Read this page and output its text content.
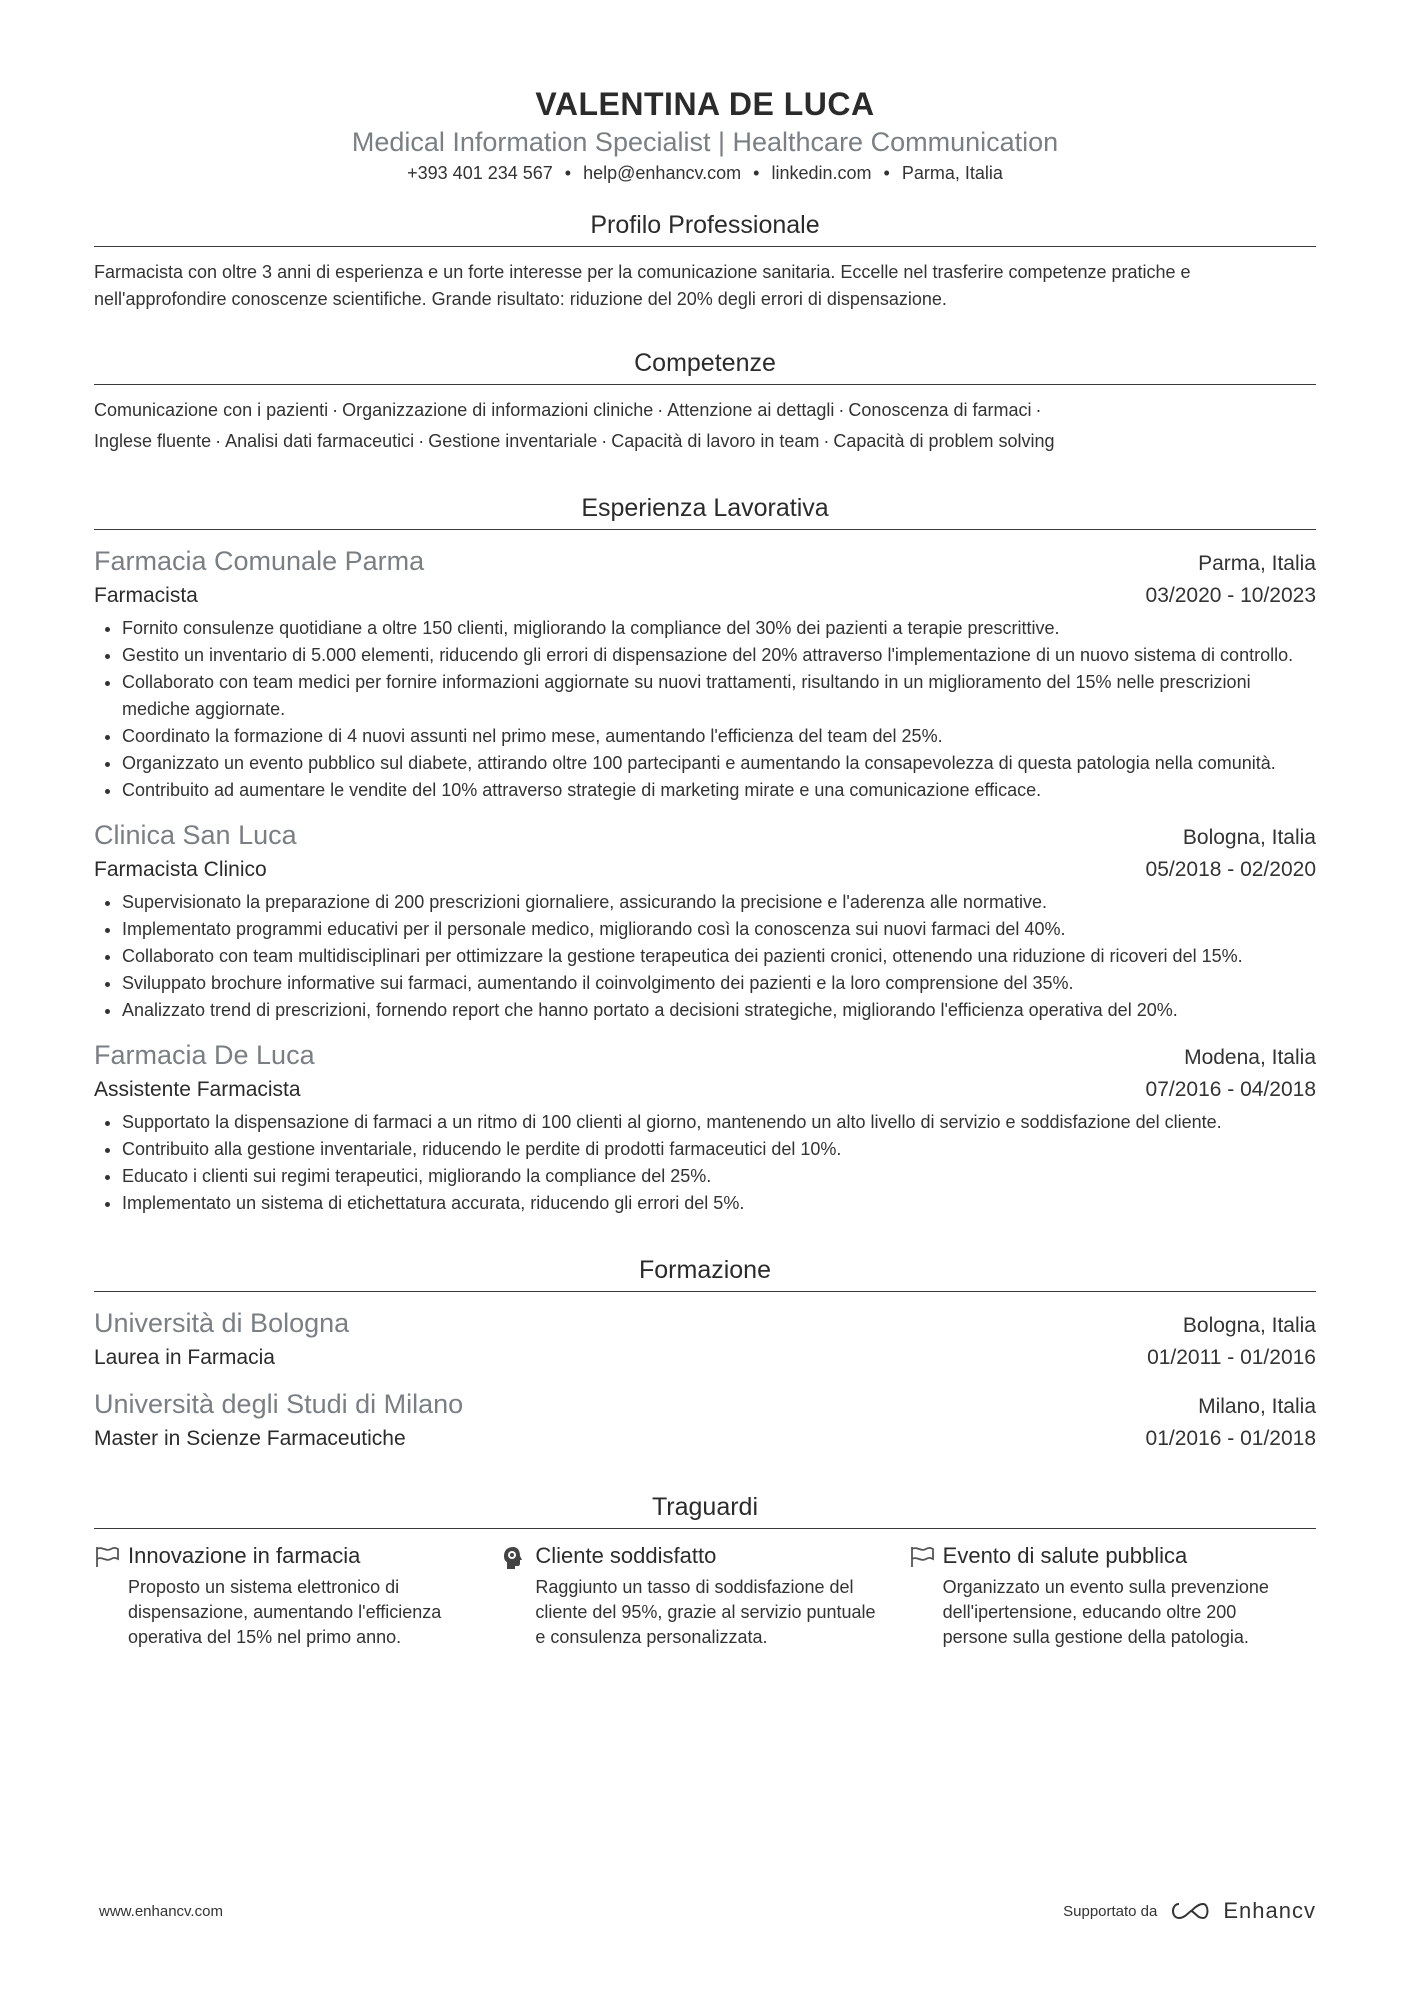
VALENTINA DE LUCA
Medical Information Specialist | Healthcare Communication
+393 401 234 567 • help@enhancv.com • linkedin.com • Parma, Italia
Profilo Professionale
Farmacista con oltre 3 anni di esperienza e un forte interesse per la comunicazione sanitaria. Eccelle nel trasferire competenze pratiche e nell'approfondire conoscenze scientifiche. Grande risultato: riduzione del 20% degli errori di dispensazione.
Competenze
Comunicazione con i pazienti · Organizzazione di informazioni cliniche · Attenzione ai dettagli · Conoscenza di farmaci ·
Inglese fluente · Analisi dati farmaceutici · Gestione inventariale · Capacità di lavoro in team · Capacità di problem solving
Esperienza Lavorativa
Farmacia Comunale Parma	Parma, Italia
Farmacista	03/2020 - 10/2023
• Fornito consulenze quotidiane a oltre 150 clienti, migliorando la compliance del 30% dei pazienti a terapie prescrittive.
• Gestito un inventario di 5.000 elementi, riducendo gli errori di dispensazione del 20% attraverso l'implementazione di un nuovo sistema di controllo.
• Collaborato con team medici per fornire informazioni aggiornate su nuovi trattamenti, risultando in un miglioramento del 15% nelle prescrizioni mediche aggiornate.
• Coordinato la formazione di 4 nuovi assunti nel primo mese, aumentando l'efficienza del team del 25%.
• Organizzato un evento pubblico sul diabete, attirando oltre 100 partecipanti e aumentando la consapevolezza di questa patologia nella comunità.
• Contribuito ad aumentare le vendite del 10% attraverso strategie di marketing mirate e una comunicazione efficace.
Clinica San Luca	Bologna, Italia
Farmacista Clinico	05/2018 - 02/2020
• Supervisionato la preparazione di 200 prescrizioni giornaliere, assicurando la precisione e l'aderenza alle normative.
• Implementato programmi educativi per il personale medico, migliorando così la conoscenza sui nuovi farmaci del 40%.
• Collaborato con team multidisciplinari per ottimizzare la gestione terapeutica dei pazienti cronici, ottenendo una riduzione di ricoveri del 15%.
• Sviluppato brochure informative sui farmaci, aumentando il coinvolgimento dei pazienti e la loro comprensione del 35%.
• Analizzato trend di prescrizioni, fornendo report che hanno portato a decisioni strategiche, migliorando l'efficienza operativa del 20%.
Farmacia De Luca	Modena, Italia
Assistente Farmacista	07/2016 - 04/2018
• Supportato la dispensazione di farmaci a un ritmo di 100 clienti al giorno, mantenendo un alto livello di servizio e soddisfazione del cliente.
• Contribuito alla gestione inventariale, riducendo le perdite di prodotti farmaceutici del 10%.
• Educato i clienti sui regimi terapeutici, migliorando la compliance del 25%.
• Implementato un sistema di etichettatura accurata, riducendo gli errori del 5%.
Formazione
Università di Bologna	Bologna, Italia
Laurea in Farmacia	01/2011 - 01/2016
Università degli Studi di Milano	Milano, Italia
Master in Scienze Farmaceutiche	01/2016 - 01/2018
Traguardi
Innovazione in farmacia
Proposto un sistema elettronico di dispensazione, aumentando l'efficienza operativa del 15% nel primo anno.
Cliente soddisfatto
Raggiunto un tasso di soddisfazione del cliente del 95%, grazie al servizio puntuale e consulenza personalizzata.
Evento di salute pubblica
Organizzato un evento sulla prevenzione dell'ipertensione, educando oltre 200 persone sulla gestione della patologia.
www.enhancv.com	Supportato da	Enhancv
